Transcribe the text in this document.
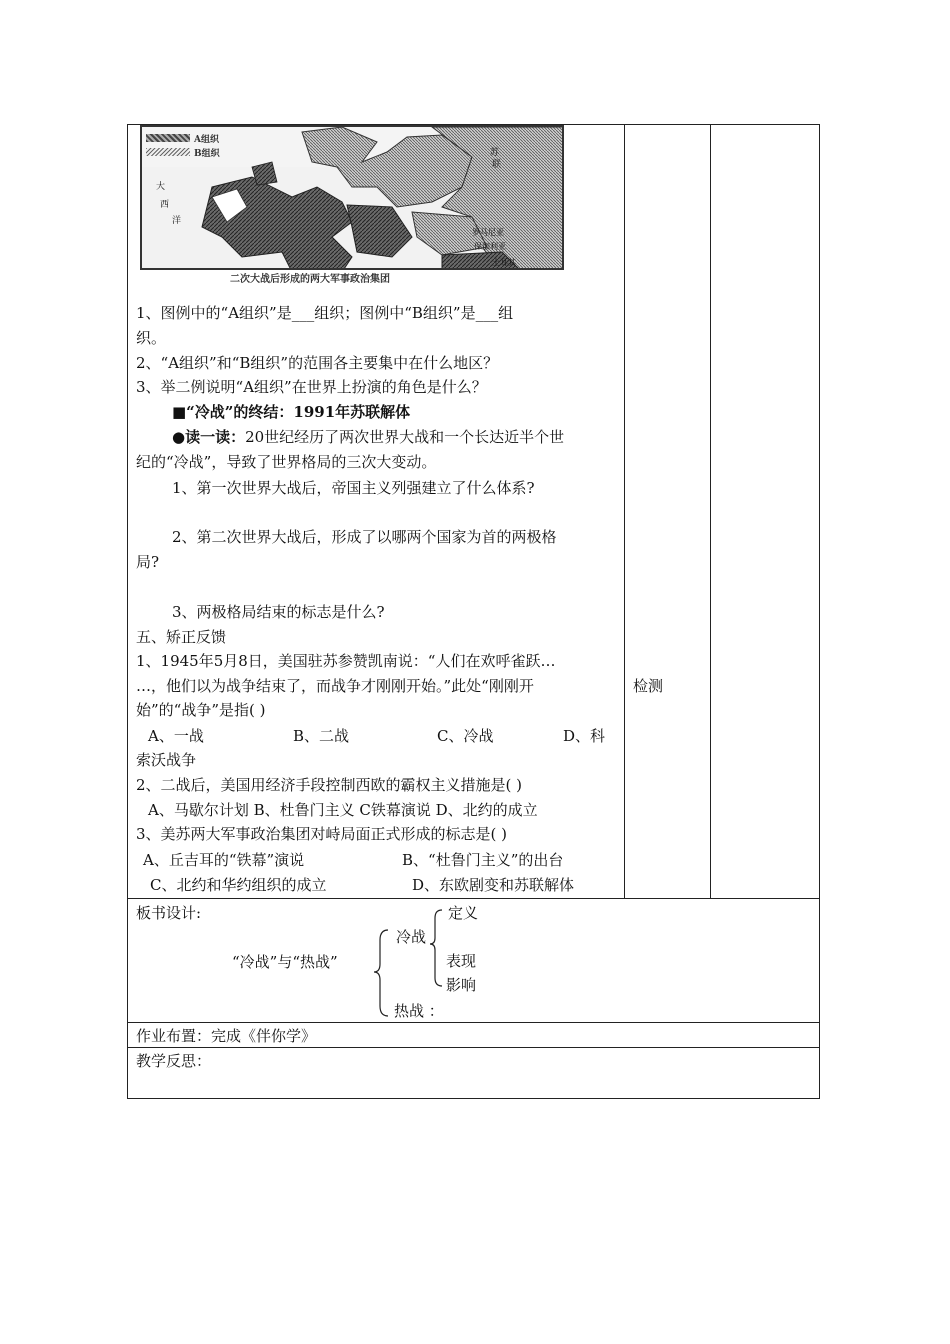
A组织
B组织
大
西
洋
苏
联
罗马尼亚
保加利亚
土耳其
二次大战后形成的两大军事政治集团
1、图例中的“A组织”是___组织；图例中“B组织”是___组
织。
2、“A组织”和“B组织”的范围各主要集中在什么地区？
3、举二例说明“A组织”在世界上扮演的角色是什么？
■“冷战”的终结：1991年苏联解体
●读一读：20世纪经历了两次世界大战和一个长达近半个世
纪的“冷战”，导致了世界格局的三次大变动。
1、第一次世界大战后，帝国主义列强建立了什么体系?
2、第二次世界大战后，形成了以哪两个国家为首的两极格
局?
3、两极格局结束的标志是什么?
五、矫正反馈
1、1945年5月8日，美国驻苏参赞凯南说：“人们在欢呼雀跃…
…，他们以为战争结束了，而战争才刚刚开始。”此处“刚刚开
始”的“战争”是指( )
A、一战	B、二战	C、冷战	D、科
索沃战争
2、二战后，美国用经济手段控制西欧的霸权主义措施是( )
A、马歇尔计划 B、杜鲁门主义 C铁幕演说 D、北约的成立
3、美苏两大军事政治集团对峙局面正式形成的标志是( )
A、丘吉耳的“铁幕”演说	B、“杜鲁门主义”的出台
C、北约和华约组织的成立	D、东欧剧变和苏联解体
检测
板书设计:
“冷战”与“热战”
冷战
热战 ：
定义
表现
影响
作业布置：完成《伴你学》
教学反思：
